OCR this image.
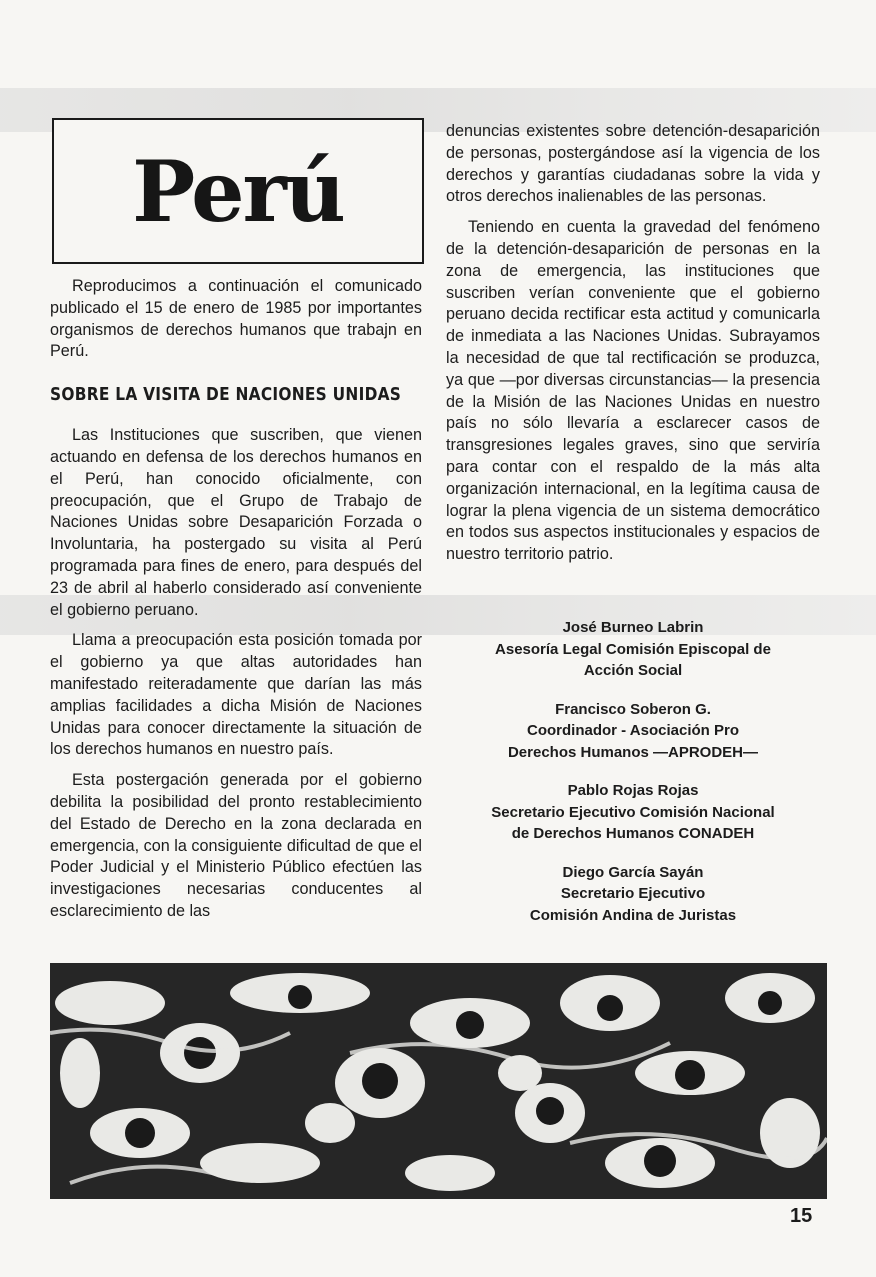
Perú

Reproducimos a continuación el comunicado publicado el 15 de enero de 1985 por importantes organismos de derechos humanos que trabajn en Perú.

SOBRE LA VISITA DE NACIONES UNIDAS

Las Instituciones que suscriben, que vienen actuando en defensa de los derechos humanos en el Perú, han conocido oficialmente, con preocupación, que el Grupo de Trabajo de Naciones Unidas sobre Desaparición Forzada o Involuntaria, ha postergado su visita al Perú programada para fines de enero, para después del 23 de abril al haberlo considerado así conveniente el gobierno peruano.

Llama a preocupación esta posición tomada por el gobierno ya que altas autoridades han manifestado reiteradamente que darían las más amplias facilidades a dicha Misión de Naciones Unidas para conocer directamente la situación de los derechos humanos en nuestro país.

Esta postergación generada por el gobierno debilita la posibilidad del pronto restablecimiento del Estado de Derecho en la zona declarada en emergencia, con la consiguiente dificultad de que el Poder Judicial y el Ministerio Público efectúen las investigaciones necesarias conducentes al esclarecimiento de las

denuncias existentes sobre detención-desaparición de personas, postergándose así la vigencia de los derechos y garantías ciudadanas sobre la vida y otros derechos inalienables de las personas.

Teniendo en cuenta la gravedad del fenómeno de la detención-desaparición de personas en la zona de emergencia, las instituciones que suscriben verían conveniente que el gobierno peruano decida rectificar esta actitud y comunicarla de inmediata a las Naciones Unidas. Subrayamos la necesidad de que tal rectificación se produzca, ya que —por diversas circunstancias— la presencia de la Misión de las Naciones Unidas en nuestro país no sólo llevaría a esclarecer casos de transgresiones legales graves, sino que serviría para contar con el respaldo de la más alta organización internacional, en la legítima causa de lograr la plena vigencia de un sistema democrático en todos sus aspectos institucionales y espacios de nuestro territorio patrio.

José Burneo Labrin
Asesoría Legal Comisión Episcopal de
Acción Social
Francisco Soberon G.
Coordinador - Asociación Pro
Derechos Humanos —APRODEH—
Pablo Rojas Rojas
Secretario Ejecutivo Comisión Nacional
de Derechos Humanos CONADEH
Diego García Sayán
Secretario Ejecutivo
Comisión Andina de Juristas
15
